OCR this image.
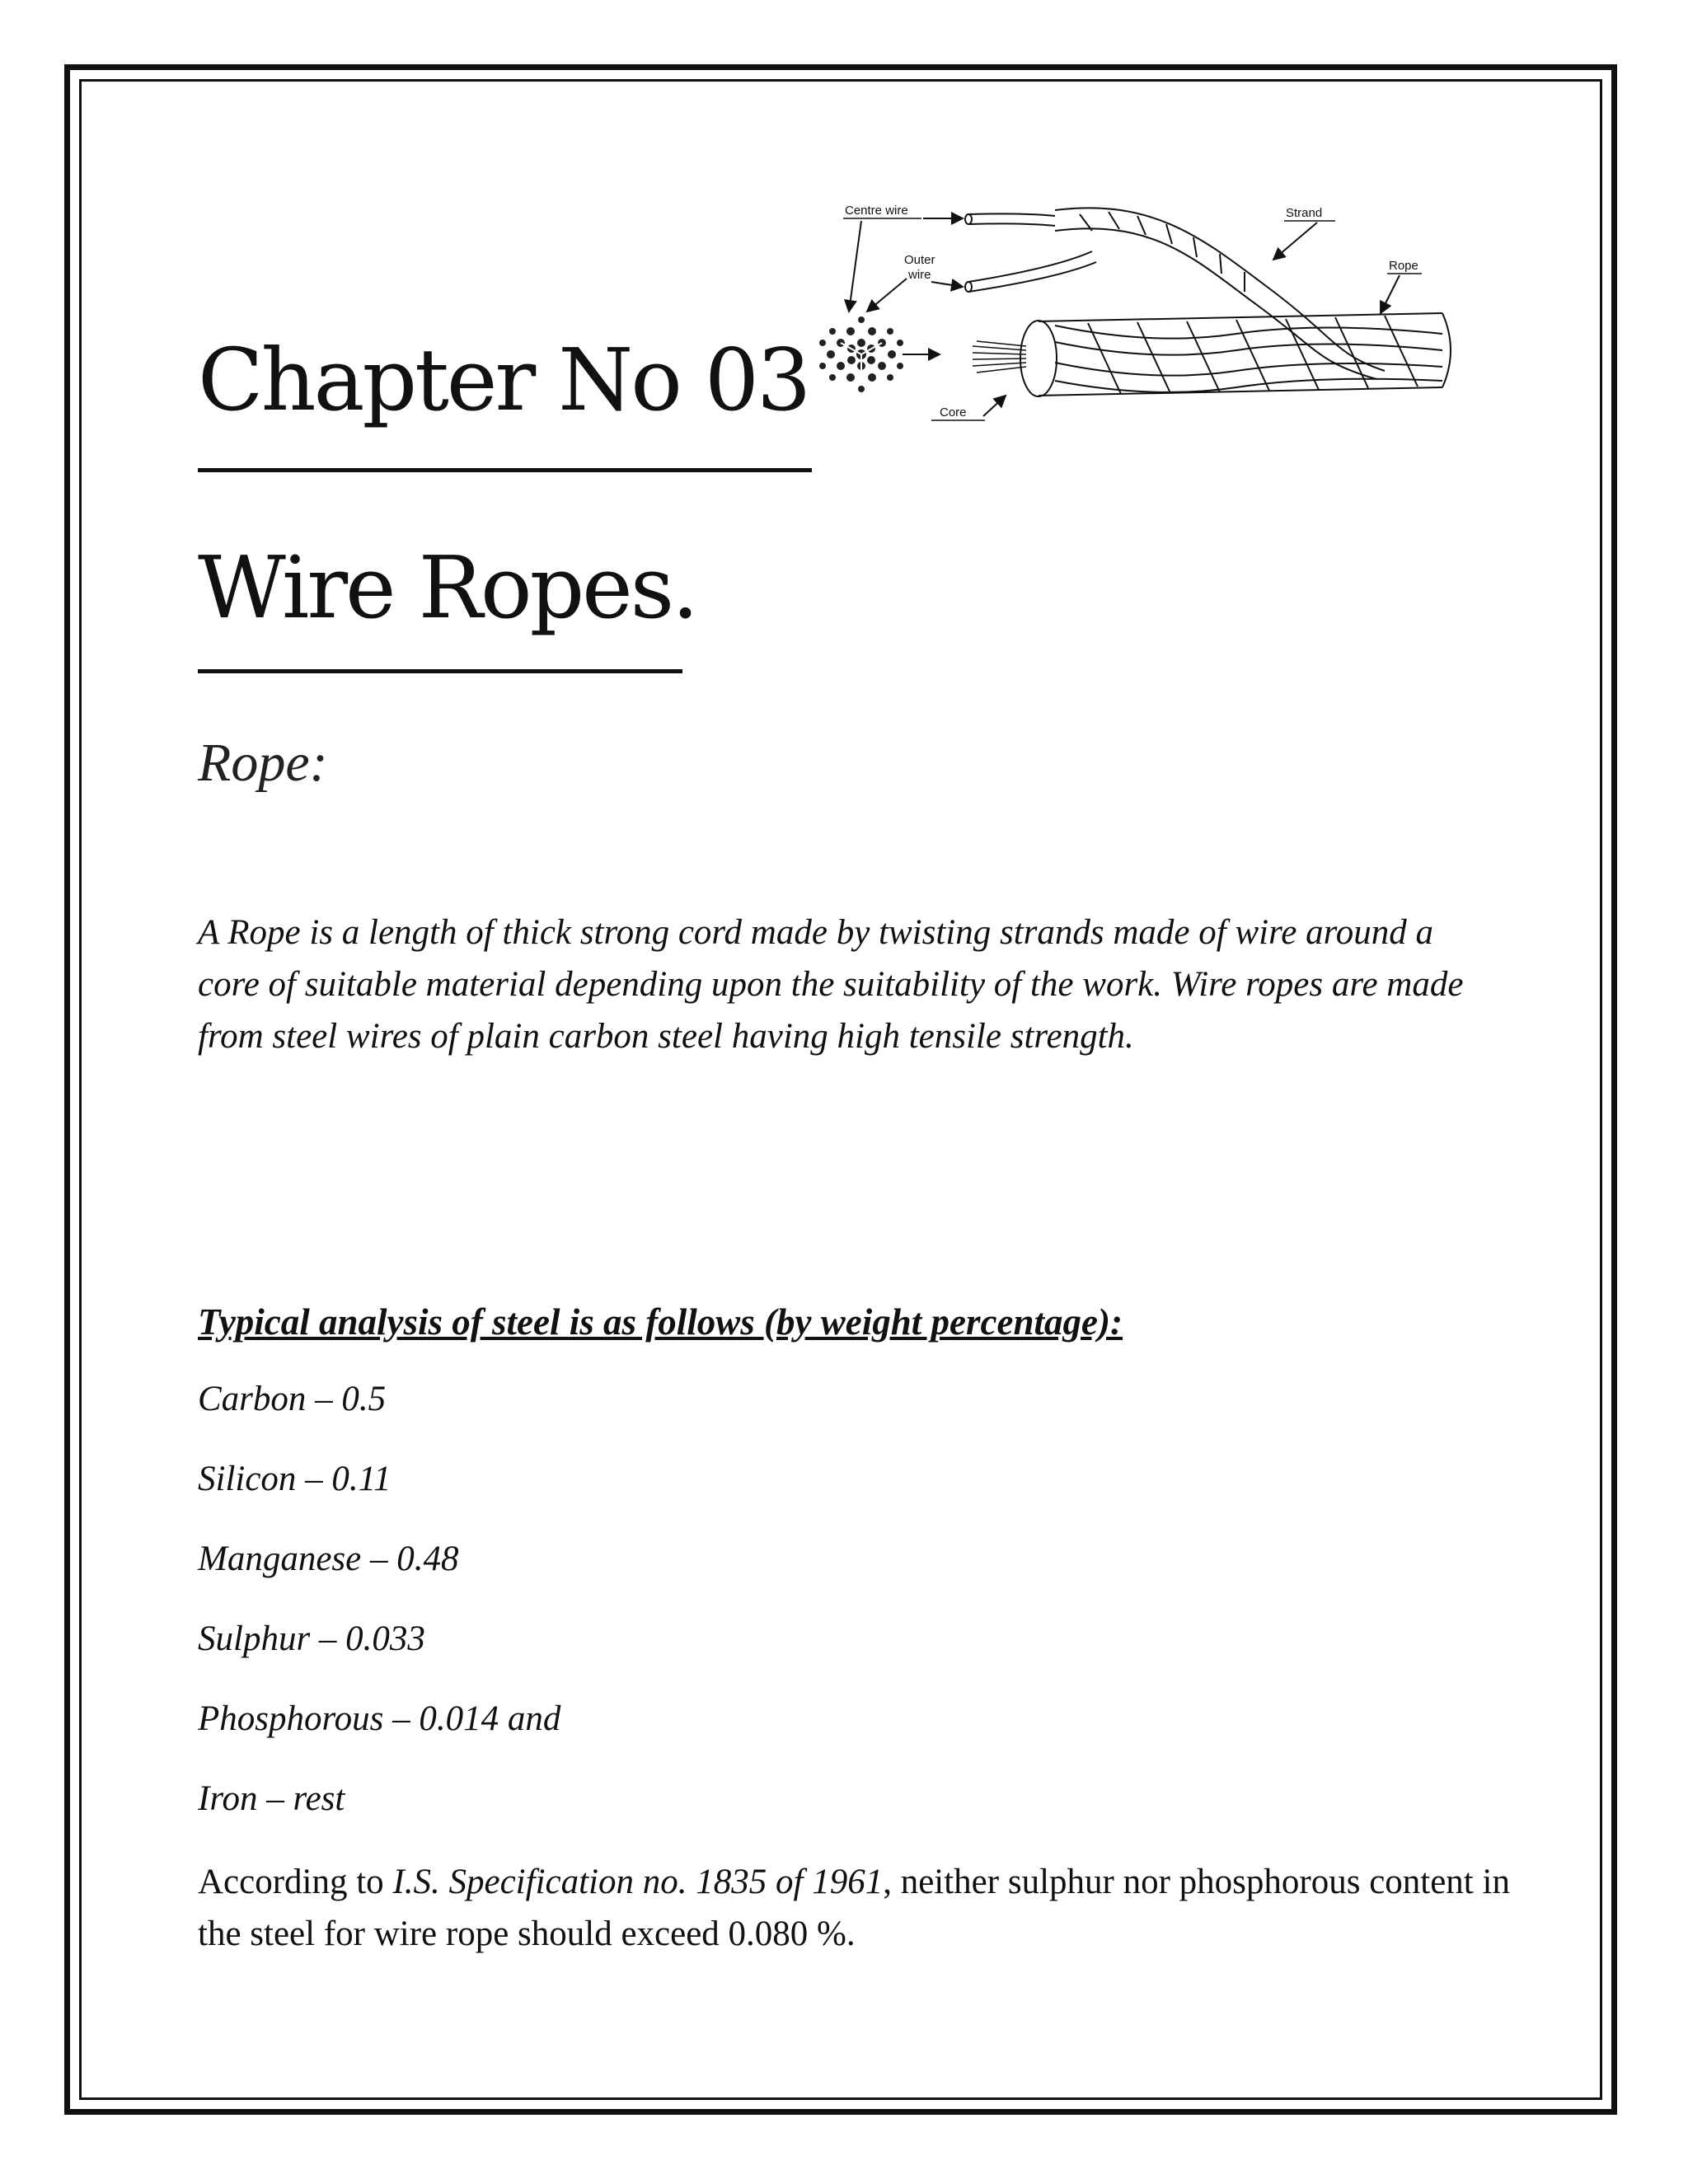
Chapter No 03
Wire Ropes.
Rope:

A Rope is a length of thick strong cord made by twisting strands made of wire around a core of suitable material depending upon the suitability of the work. Wire ropes are made from steel wires of plain carbon steel having high tensile strength.

Typical analysis of steel is as follows (by weight percentage):
Carbon – 0.5
Silicon – 0.11
Manganese – 0.48
Sulphur – 0.033
Phosphorous – 0.014 and
Iron – rest

According to I.S. Specification no. 1835 of 1961, neither sulphur nor phosphorous content in the steel for wire rope should exceed 0.080 %.

Centre wire
Outer
wire
Strand
Rope
Core
